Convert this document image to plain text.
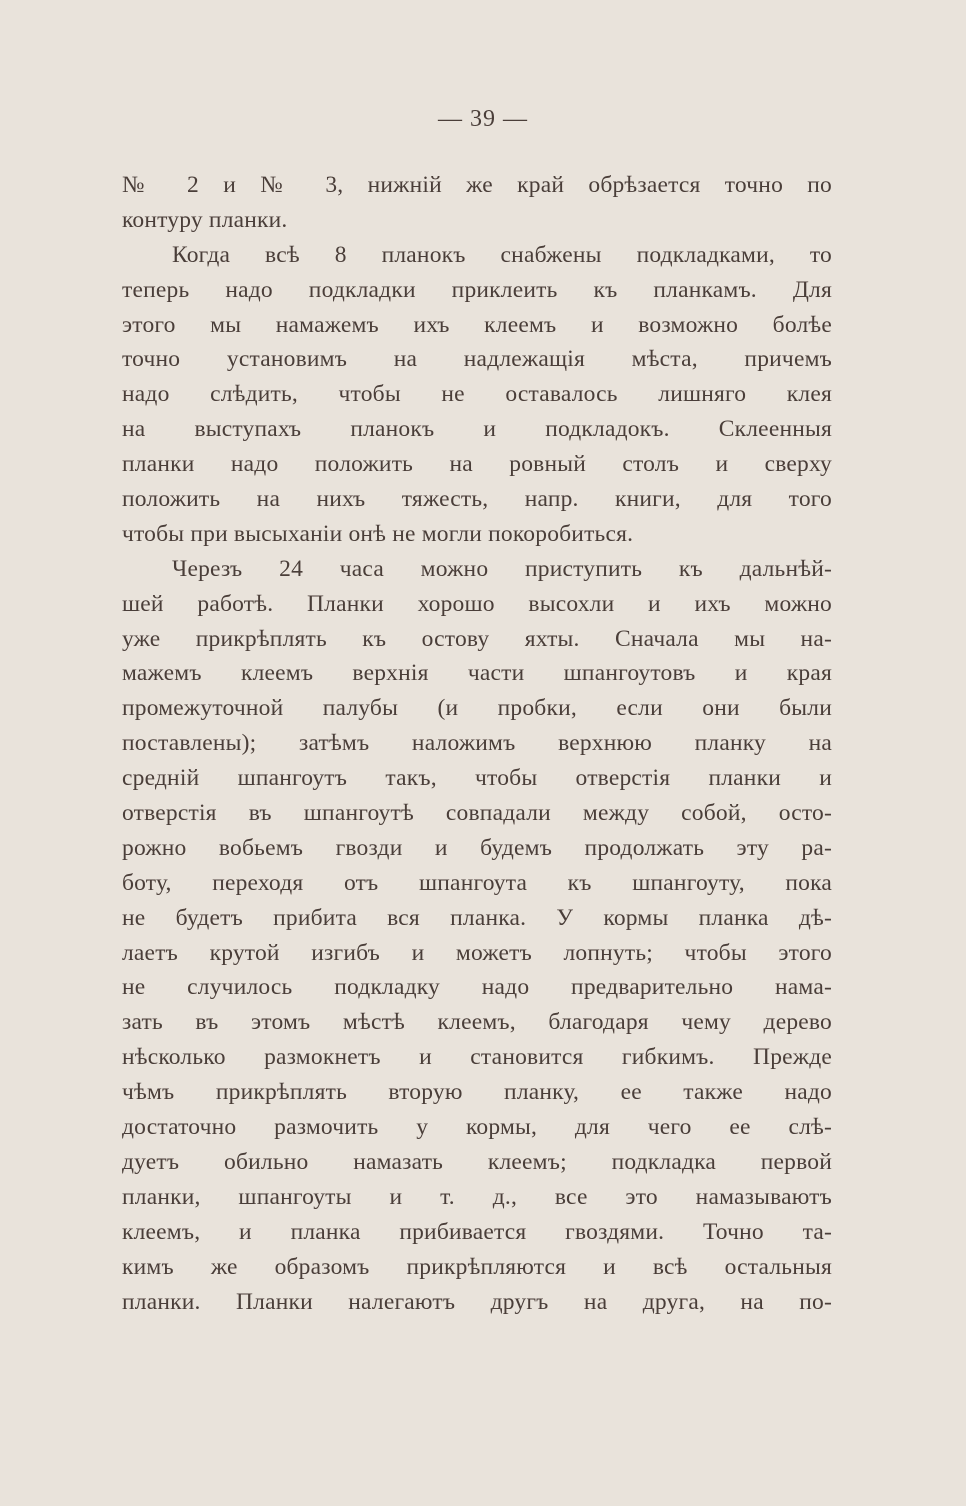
— 39 —
№ 2 и № 3, нижній же край обрѣзается точно по
контуру планки.
Когда всѣ 8 планокъ снабжены подкладками, то
теперь надо подкладки приклеить къ планкамъ. Для
этого мы намажемъ ихъ клеемъ и возможно болѣе
точно установимъ на надлежащія мѣста, причемъ
надо слѣдить, чтобы не оставалось лишняго клея
на выступахъ планокъ и подкладокъ. Склеенныя
планки надо положить на ровный столъ и сверху
положить на нихъ тяжесть, напр. книги, для того
чтобы при высыханіи онѣ не могли покоробиться.
Черезъ 24 часа можно приступить къ дальнѣй-
шей работѣ. Планки хорошо высохли и ихъ можно
уже прикрѣплять къ остову яхты. Сначала мы на-
мажемъ клеемъ верхнія части шпангоутовъ и края
промежуточной палубы (и пробки, если они были
поставлены); затѣмъ наложимъ верхнюю планку на
средній шпангоутъ такъ, чтобы отверстія планки и
отверстія въ шпангоутѣ совпадали между собой, осто-
рожно вобьемъ гвозди и будемъ продолжать эту ра-
боту, переходя отъ шпангоута къ шпангоуту, пока
не будетъ прибита вся планка. У кормы планка дѣ-
лаетъ крутой изгибъ и можетъ лопнуть; чтобы этого
не случилось подкладку надо предварительно нама-
зать въ этомъ мѣстѣ клеемъ, благодаря чему дерево
нѣсколько размокнетъ и становится гибкимъ. Прежде
чѣмъ прикрѣплять вторую планку, ее также надо
достаточно размочить у кормы, для чего ее слѣ-
дуетъ обильно намазать клеемъ; подкладка первой
планки, шпангоуты и т. д., все это намазываютъ
клеемъ, и планка прибивается гвоздями. Точно та-
кимъ же образомъ прикрѣпляются и всѣ остальныя
планки. Планки налегаютъ другъ на друга, на по-
